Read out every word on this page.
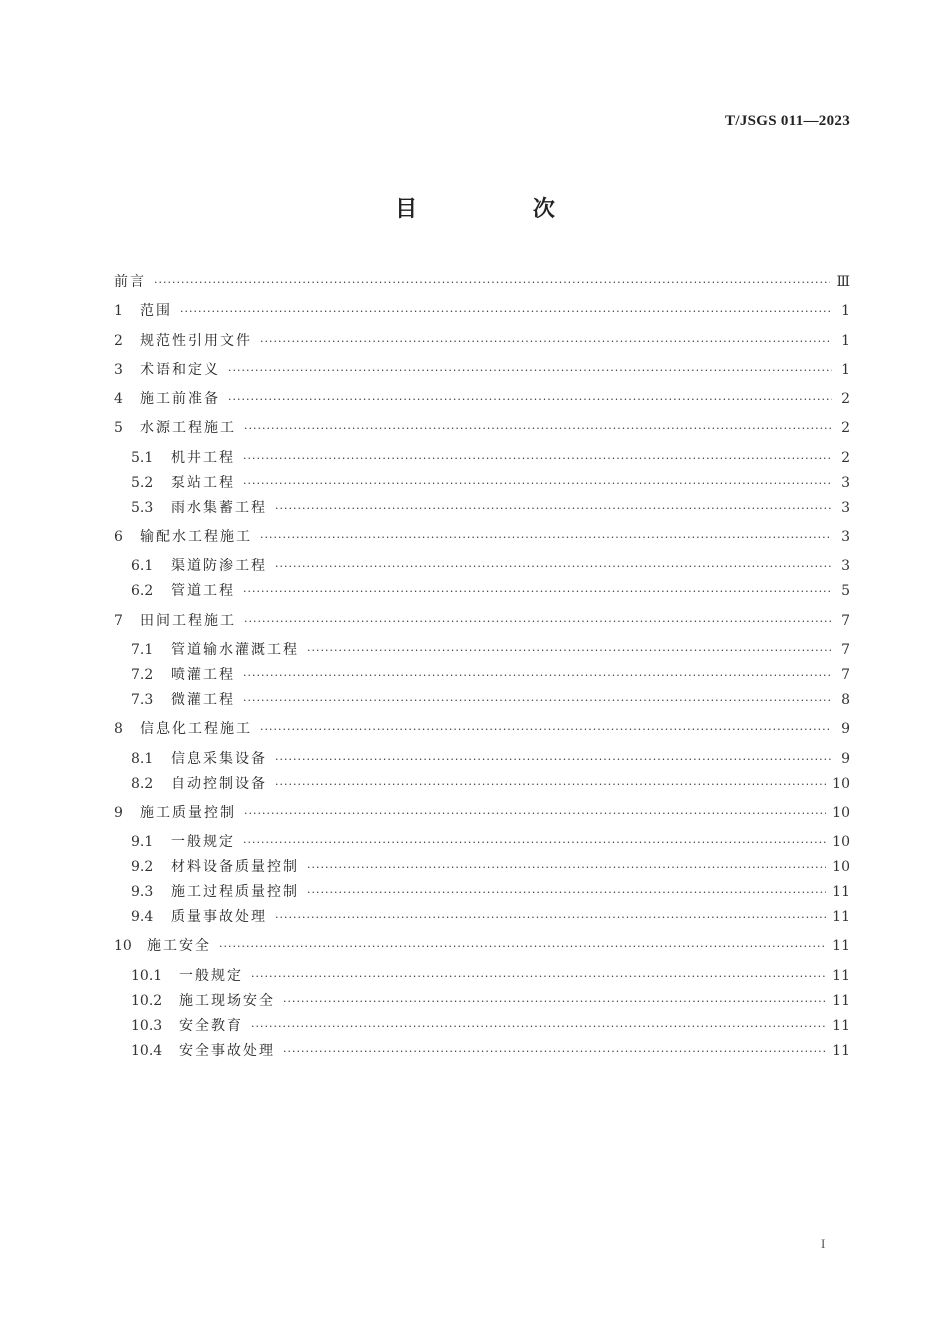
T/JSGS 011—2023
目 次
前言 ·····	Ⅲ
1	范围 ·····	1
2	规范性引用文件 ·····	1
3	术语和定义 ·····	1
4	施工前准备 ·····	2
5	水源工程施工 ·····	2
5.1	机井工程 ·····	2
5.2	泵站工程 ·····	3
5.3	雨水集蓄工程 ·····	3
6	输配水工程施工 ·····	3
6.1	渠道防渗工程 ·····	3
6.2	管道工程 ·····	5
7	田间工程施工 ·····	7
7.1	管道输水灌溉工程 ·····	7
7.2	喷灌工程 ·····	7
7.3	微灌工程 ·····	8
8	信息化工程施工 ·····	9
8.1	信息采集设备 ·····	9
8.2	自动控制设备 ·····	10
9	施工质量控制 ·····	10
9.1	一般规定 ·····	10
9.2	材料设备质量控制 ·····	10
9.3	施工过程质量控制 ·····	11
9.4	质量事故处理 ·····	11
10	施工安全 ·····	11
10.1	一般规定 ·····	11
10.2	施工现场安全 ·····	11
10.3	安全教育 ·····	11
10.4	安全事故处理 ·····	11
I
